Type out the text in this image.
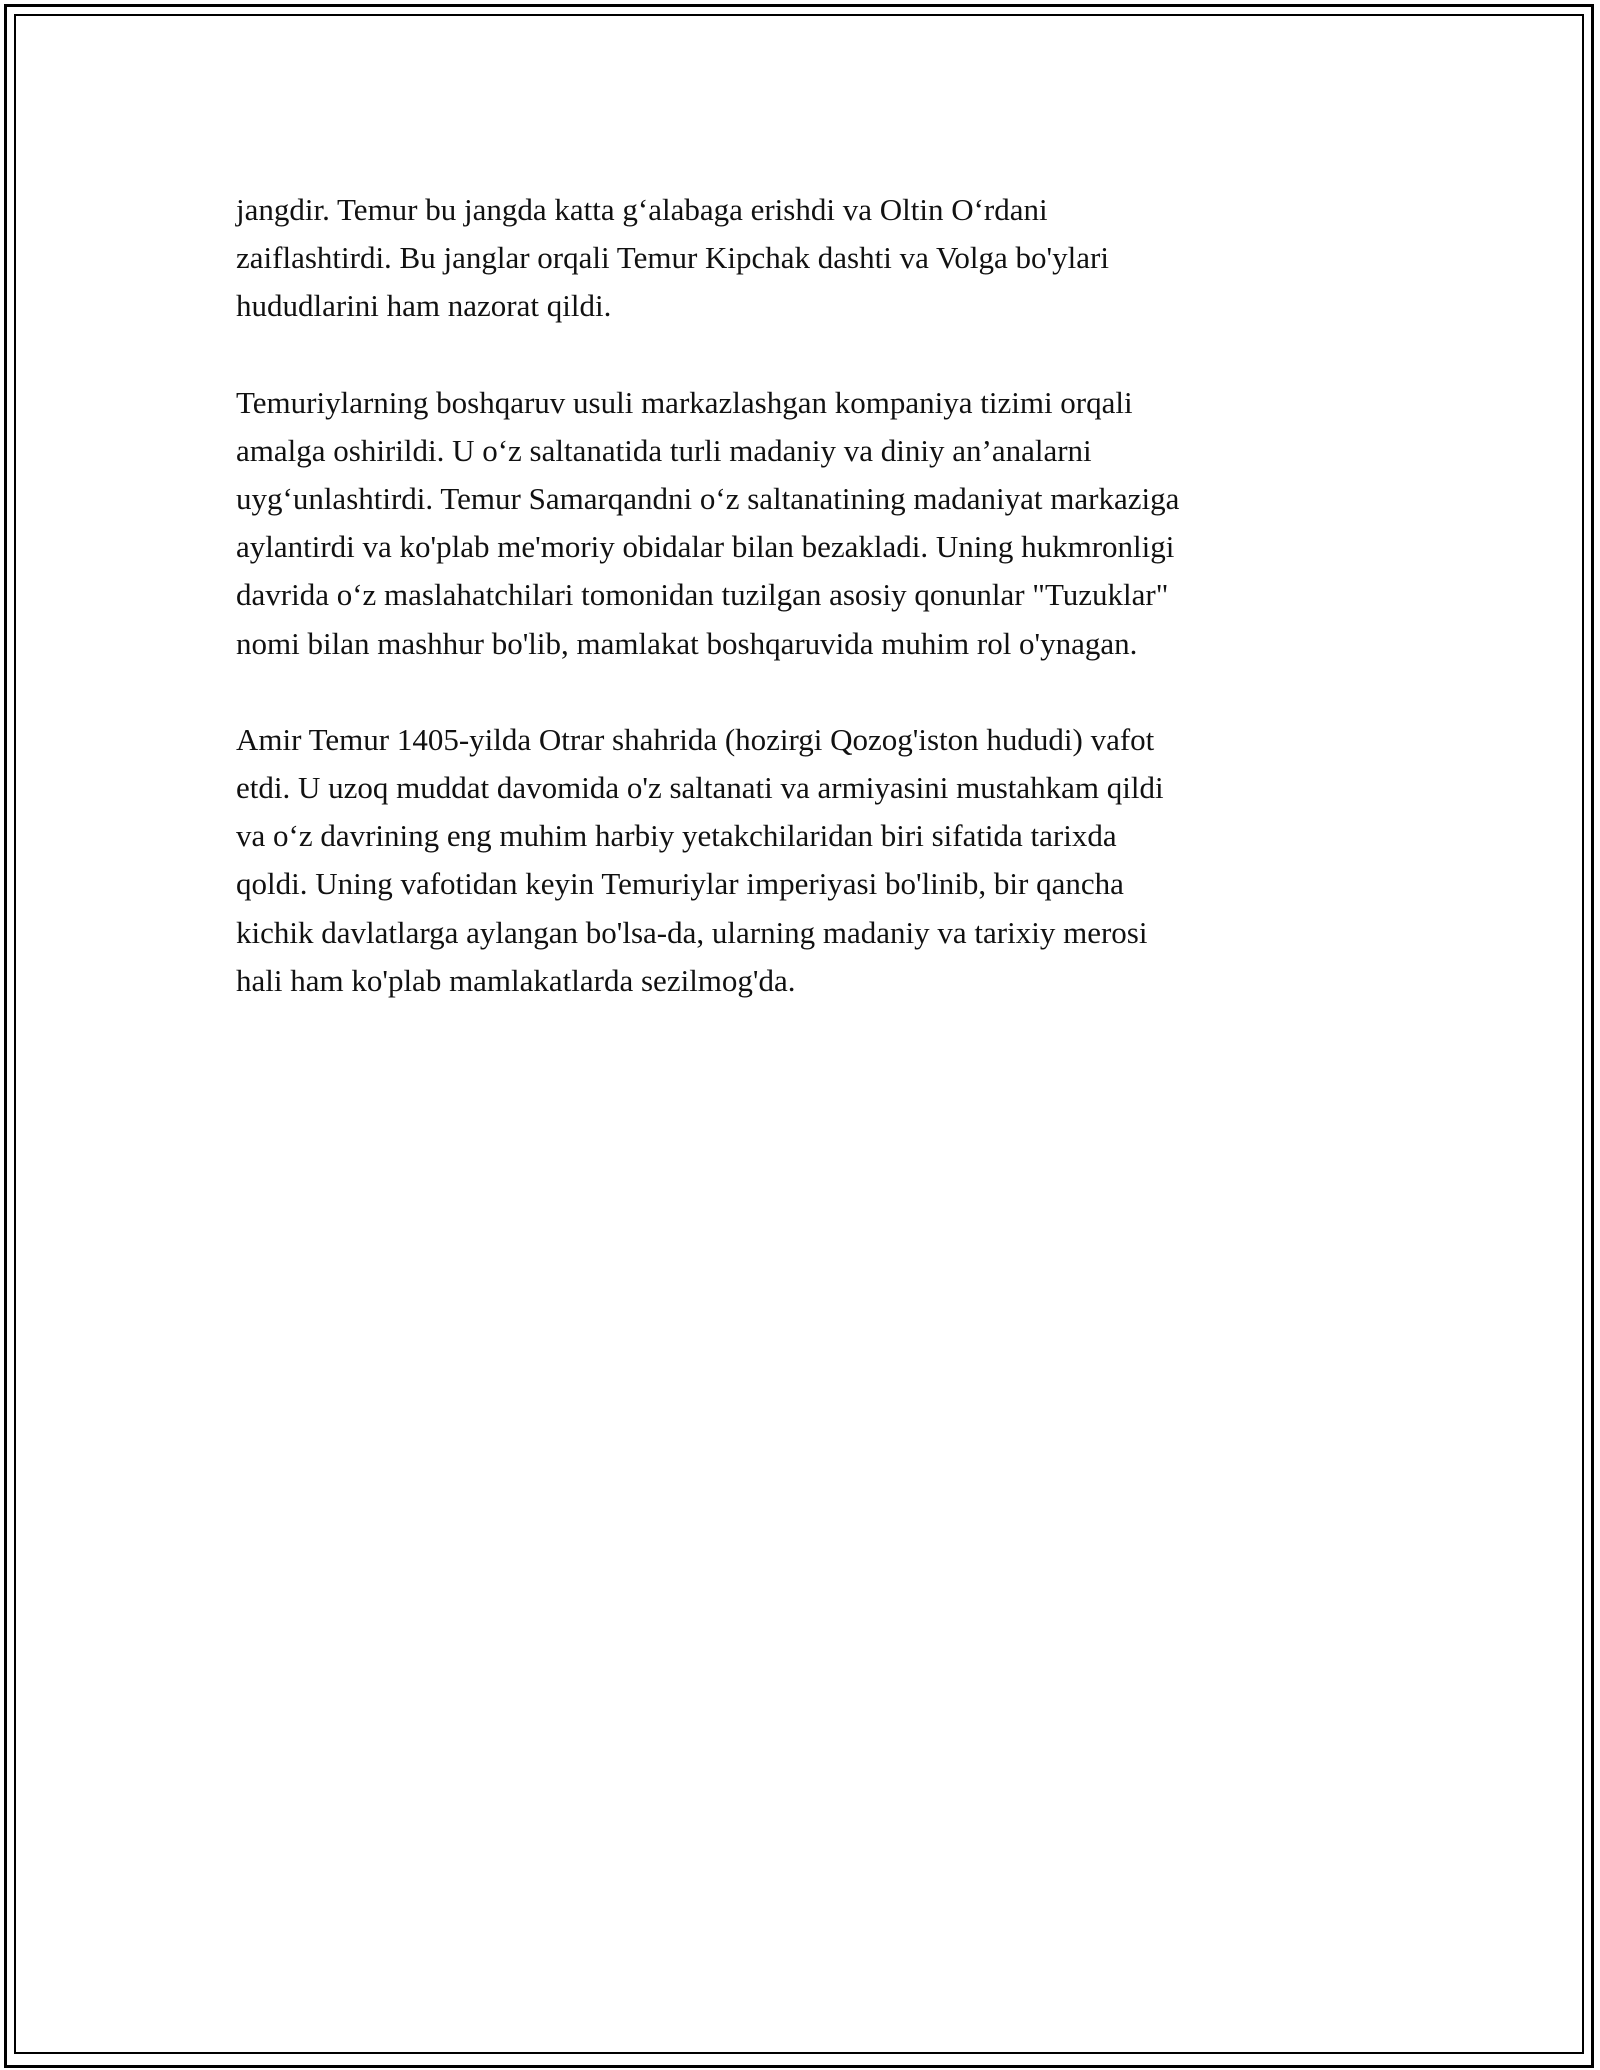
jangdir. Temur bu jangda katta g‘alabaga erishdi va Oltin O‘rdani
zaiflashtirdi. Bu janglar orqali Temur Kipchak dashti va Volga bo'ylari
hududlarini ham nazorat qildi.

Temuriylarning boshqaruv usuli markazlashgan kompaniya tizimi orqali
amalga oshirildi. U o‘z saltanatida turli madaniy va diniy an’analarni
uyg‘unlashtirdi. Temur Samarqandni o‘z saltanatining madaniyat markaziga
aylantirdi va ko'plab me'moriy obidalar bilan bezakladi. Uning hukmronligi
davrida o‘z maslahatchilari tomonidan tuzilgan asosiy qonunlar "Tuzuklar"
nomi bilan mashhur bo'lib, mamlakat boshqaruvida muhim rol o'ynagan.

Amir Temur 1405-yilda Otrar shahrida (hozirgi Qozog'iston hududi) vafot
etdi. U uzoq muddat davomida o'z saltanati va armiyasini mustahkam qildi
va o‘z davrining eng muhim harbiy yetakchilaridan biri sifatida tarixda
qoldi. Uning vafotidan keyin Temuriylar imperiyasi bo'linib, bir qancha
kichik davlatlarga aylangan bo'lsa-da, ularning madaniy va tarixiy merosi
hali ham ko'plab mamlakatlarda sezilmog'da.
